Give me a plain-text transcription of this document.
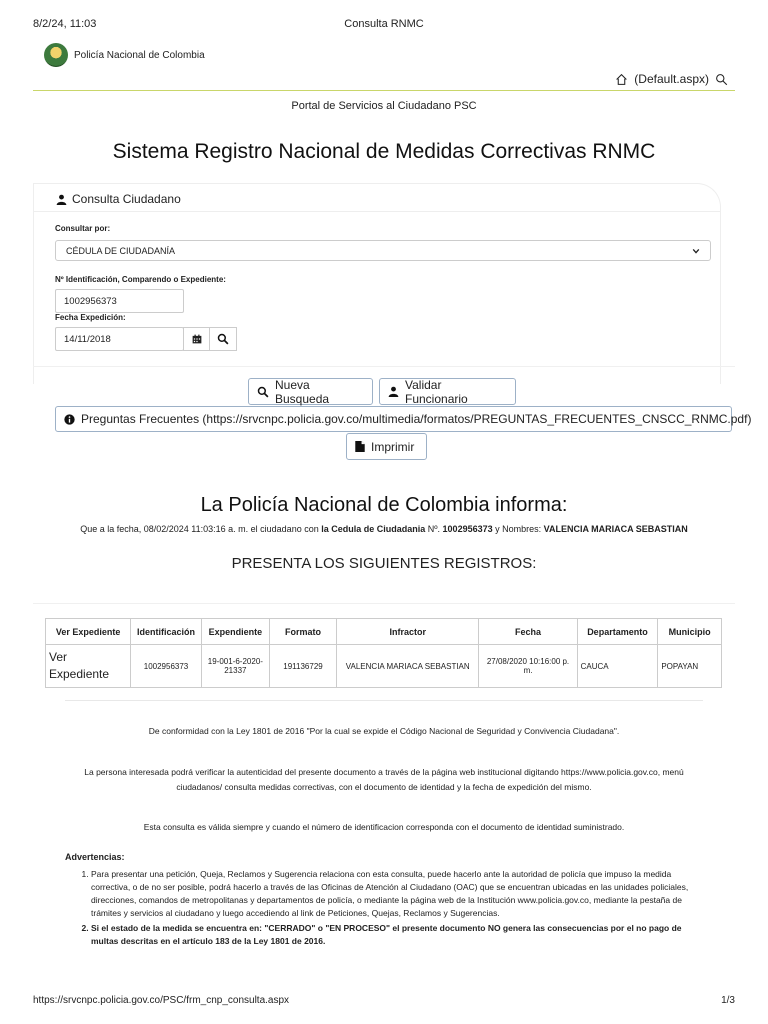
8/2/24, 11:03	Consulta RNMC
Policía Nacional de Colombia
(Default.aspx)
Portal de Servicios al Ciudadano PSC
Sistema Registro Nacional de Medidas Correctivas RNMC
Consulta Ciudadano
Consultar por:
CÉDULA DE CIUDADANÍA
Nº Identificación, Comparendo o Expediente:
1002956373
Fecha Expedición:
14/11/2018
Nueva Busqueda
Validar Funcionario
Preguntas Frecuentes (https://srvcnpc.policia.gov.co/multimedia/formatos/PREGUNTAS_FRECUENTES_CNSCC_RNMC.pdf)
Imprimir
La Policía Nacional de Colombia informa:
Que a la fecha, 08/02/2024 11:03:16 a. m. el ciudadano con la Cedula de Ciudadania Nº. 1002956373 y Nombres: VALENCIA MARIACA SEBASTIAN
PRESENTA LOS SIGUIENTES REGISTROS:
Ver Expediente	Identificación	Expendiente	Formato	Infractor	Fecha	Departamento	Municipio
Ver Expediente	1002956373	19-001-6-2020-21337	191136729	VALENCIA MARIACA SEBASTIAN	27/08/2020 10:16:00 p. m.	CAUCA	POPAYAN
De conformidad con la Ley 1801 de 2016 "Por la cual se expide el Código Nacional de Seguridad y Convivencia Ciudadana".
La persona interesada podrá verificar la autenticidad del presente documento a través de la página web institucional digitando https://www.policia.gov.co, menú ciudadanos/ consulta medidas correctivas, con el documento de identidad y la fecha de expedición del mismo.
Esta consulta es válida siempre y cuando el número de identificacion corresponda con el documento de identidad suministrado.
Advertencias:
1. Para presentar una petición, Queja, Reclamos y Sugerencia relaciona con esta consulta, puede hacerlo ante la autoridad de policía que impuso la medida correctiva, o de no ser posible, podrá hacerlo a través de las Oficinas de Atención al Ciudadano (OAC) que se encuentran ubicadas en las unidades policiales, direcciones, comandos de metropolitanas y departamentos de policía, o mediante la página web de la Institución www.policia.gov.co, mediante la pestaña de trámites y servicios al ciudadano y luego accediendo al link de Peticiones, Quejas, Reclamos y Sugerencias.
2. Si el estado de la medida se encuentra en: "CERRADO" o "EN PROCESO" el presente documento NO genera las consecuencias por el no pago de multas descritas en el artículo 183 de la Ley 1801 de 2016.
https://srvcnpc.policia.gov.co/PSC/frm_cnp_consulta.aspx	1/3
